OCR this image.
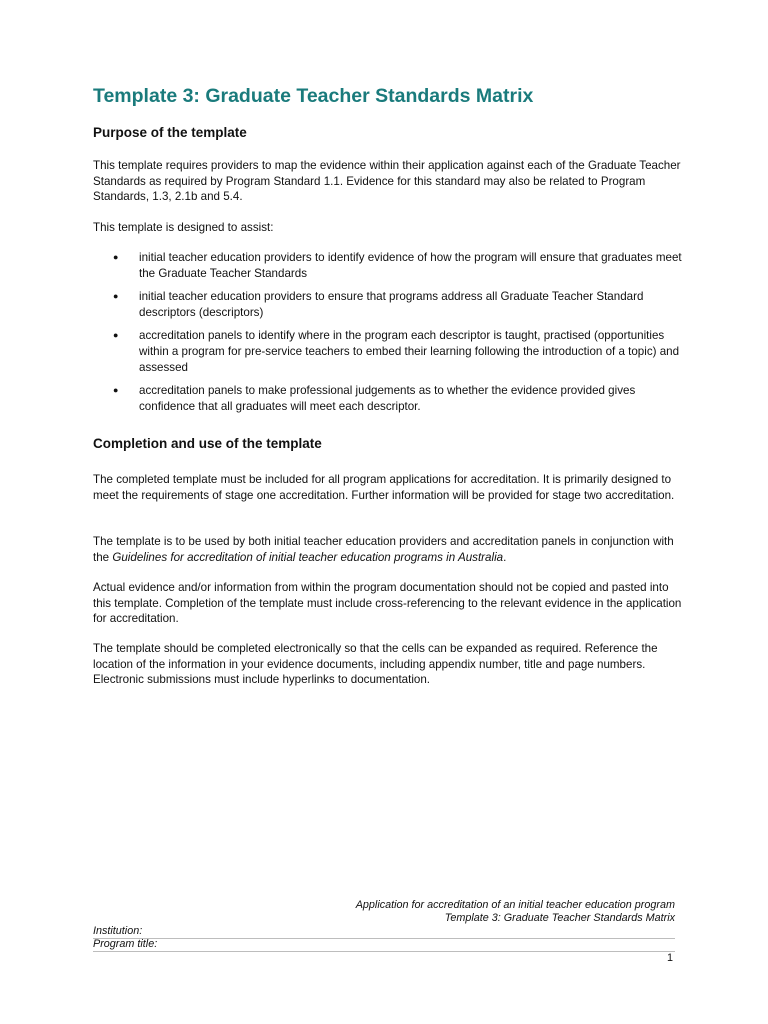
Template 3: Graduate Teacher Standards Matrix
Purpose of the template

This template requires providers to map the evidence within their application against each of the Graduate Teacher Standards as required by Program Standard 1.1. Evidence for this standard may also be related to Program Standards, 1.3, 2.1b and 5.4.

This template is designed to assist:

● initial teacher education providers to identify evidence of how the program will ensure that graduates meet the Graduate Teacher Standards
● initial teacher education providers to ensure that programs address all Graduate Teacher Standard descriptors (descriptors)
● accreditation panels to identify where in the program each descriptor is taught, practised (opportunities within a program for pre-service teachers to embed their learning following the introduction of a topic) and assessed
● accreditation panels to make professional judgements as to whether the evidence provided gives confidence that all graduates will meet each descriptor.
Completion and use of the template

The completed template must be included for all program applications for accreditation. It is primarily designed to meet the requirements of stage one accreditation. Further information will be provided for stage two accreditation.

The template is to be used by both initial teacher education providers and accreditation panels in conjunction with the Guidelines for accreditation of initial teacher education programs in Australia.

Actual evidence and/or information from within the program documentation should not be copied and pasted into this template. Completion of the template must include cross-referencing to the relevant evidence in the application for accreditation.

The template should be completed electronically so that the cells can be expanded as required. Reference the location of the information in your evidence documents, including appendix number, title and page numbers. Electronic submissions must include hyperlinks to documentation.

Application for accreditation of an initial teacher education program
Template 3: Graduate Teacher Standards Matrix
Institution:
Program title:
1
